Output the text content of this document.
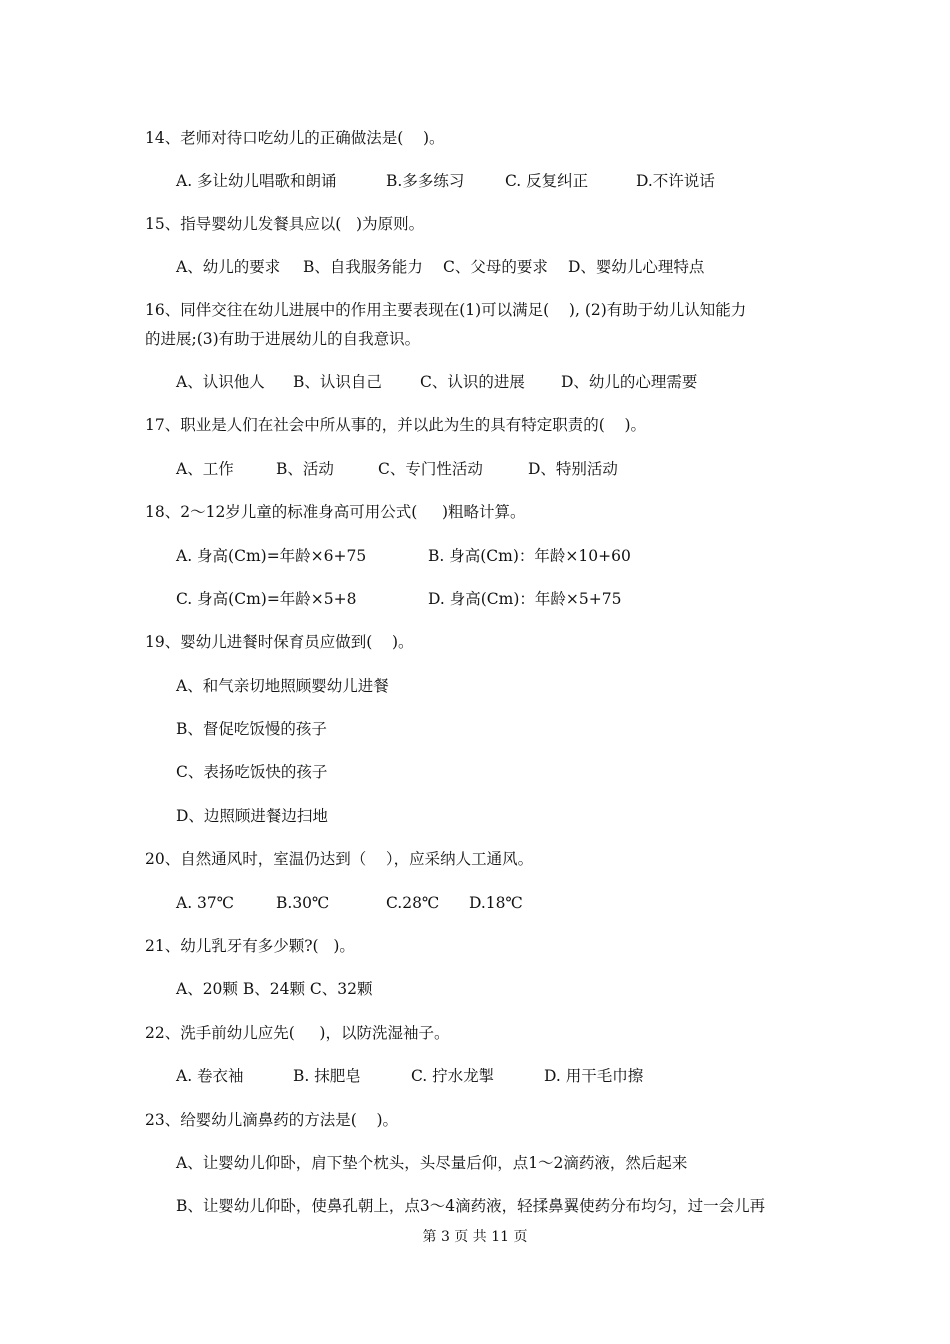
14、老师对待口吃幼儿的正确做法是(    )。
A. 多让幼儿唱歌和朗诵	B.多多练习	C. 反复纠正	D.不许说话
15、指导婴幼儿发餐具应以(   )为原则。
A、幼儿的要求 B、自我服务能力 C、父母的要求 D、婴幼儿心理特点
16、同伴交往在幼儿进展中的作用主要表现在(1)可以满足(    ), (2)有助于幼儿认知能力
的进展;(3)有助于进展幼儿的自我意识。
A、认识他人 B、认识自己 C、认识的进展 D、幼儿的心理需要
17、职业是人们在社会中所从事的，并以此为生的具有特定职责的(    )。
A、工作	B、活动	C、专门性活动	D、特别活动
18、2～12岁儿童的标准身高可用公式(     )粗略计算。
A. 身高(Cm)=年龄×6+75	B. 身高(Cm)：年龄×10+60
C. 身高(Cm)=年龄×5+8	D. 身高(Cm)：年龄×5+75
19、婴幼儿进餐时保育员应做到(    )。
A、和气亲切地照顾婴幼儿进餐
B、督促吃饭慢的孩子
C、表扬吃饭快的孩子
D、边照顾进餐边扫地
20、自然通风时，室温仍达到（    ），应采纳人工通风。
A. 37℃	B.30℃	C.28℃ D.18℃
21、幼儿乳牙有多少颗?(   )。
A、20颗 B、24颗 C、32颗
22、洗手前幼儿应先(     )，以防洗湿袖子。
A. 卷衣袖	B. 抹肥皂	C. 拧水龙掣	D. 用干毛巾擦
23、给婴幼儿滴鼻药的方法是(    )。
A、让婴幼儿仰卧，肩下垫个枕头，头尽量后仰，点1～2滴药液，然后起来
B、让婴幼儿仰卧，使鼻孔朝上，点3～4滴药液，轻揉鼻翼使药分布均匀，过一会儿再
第 3 页 共 11 页
